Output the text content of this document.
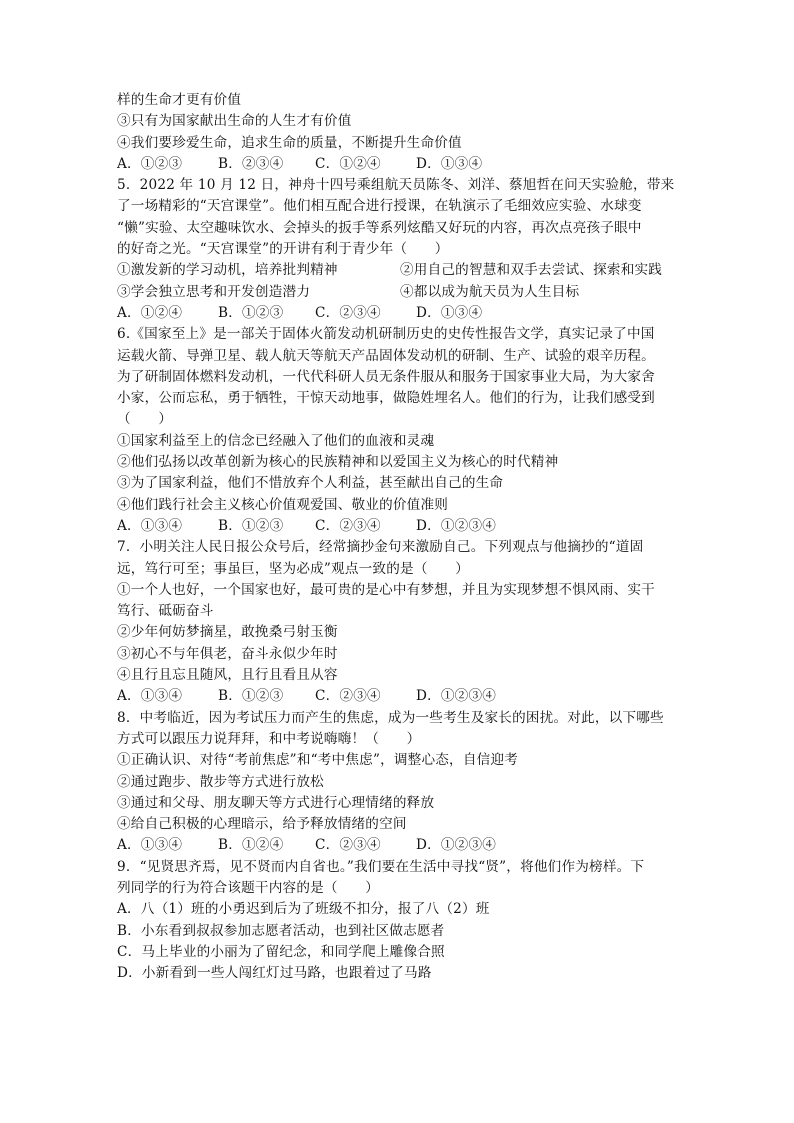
样的生命才更有价值
③只有为国家献出生命的人生才有价值
④我们要珍爱生命，追求生命的质量，不断提升生命价值
A．①②③	B．②③④	C．①②④	D．①③④
5．2022 年 10 月 12 日，神舟十四号乘组航天员陈冬、刘洋、蔡旭哲在问天实验舱，带来
了一场精彩的“天宫课堂”。他们相互配合进行授课，在轨演示了毛细效应实验、水球变
“懒”实验、太空趣味饮水、会掉头的扳手等系列炫酷又好玩的内容，再次点亮孩子眼中
的好奇之光。“天宫课堂”的开讲有利于青少年（　　）
①激发新的学习动机，培养批判精神	②用自己的智慧和双手去尝试、探索和实践
③学会独立思考和开发创造潜力	④都以成为航天员为人生目标
A．①②④	B．①②③	C．②③④	D．①③④
6.《国家至上》是一部关于固体火箭发动机研制历史的史传性报告文学，真实记录了中国
运载火箭、导弹卫星、载人航天等航天产品固体发动机的研制、生产、试验的艰辛历程。
为了研制固体燃料发动机，一代代科研人员无条件服从和服务于国家事业大局，为大家舍
小家，公而忘私，勇于牺牲，干惊天动地事，做隐姓埋名人。他们的行为，让我们感受到
（　　）
①国家利益至上的信念已经融入了他们的血液和灵魂
②他们弘扬以改革创新为核心的民族精神和以爱国主义为核心的时代精神
③为了国家利益，他们不惜放弃个人利益，甚至献出自己的生命
④他们践行社会主义核心价值观爱国、敬业的价值准则
A．①③④	B．①②③	C．②③④	D．①②③④
7．小明关注人民日报公众号后，经常摘抄金句来激励自己。下列观点与他摘抄的“道固
远，笃行可至；事虽巨，坚为必成”观点一致的是（　　）
①一个人也好，一个国家也好，最可贵的是心中有梦想，并且为实现梦想不惧风雨、实干
笃行、砥砺奋斗
②少年何妨梦摘星，敢挽桑弓射玉衡
③初心不与年俱老，奋斗永似少年时
④且行且忘且随风，且行且看且从容
A．①③④	B．①②③	C．②③④	D．①②③④
8．中考临近，因为考试压力而产生的焦虑，成为一些考生及家长的困扰。对此，以下哪些
方式可以跟压力说拜拜，和中考说嗨嗨！（　　）
①正确认识、对待“考前焦虑”和“考中焦虑”，调整心态，自信迎考
②通过跑步、散步等方式进行放松
③通过和父母、朋友聊天等方式进行心理情绪的释放
④给自己积极的心理暗示，给予释放情绪的空间
A．①③④	B．①②④	C．②③④	D．①②③④
9．“见贤思齐焉，见不贤而内自省也。”我们要在生活中寻找“贤”，将他们作为榜样。下
列同学的行为符合该题干内容的是（　　）
A．八（1）班的小勇迟到后为了班级不扣分，报了八（2）班
B．小东看到叔叔参加志愿者活动，也到社区做志愿者
C．马上毕业的小丽为了留纪念，和同学爬上雕像合照
D．小新看到一些人闯红灯过马路，也跟着过了马路
